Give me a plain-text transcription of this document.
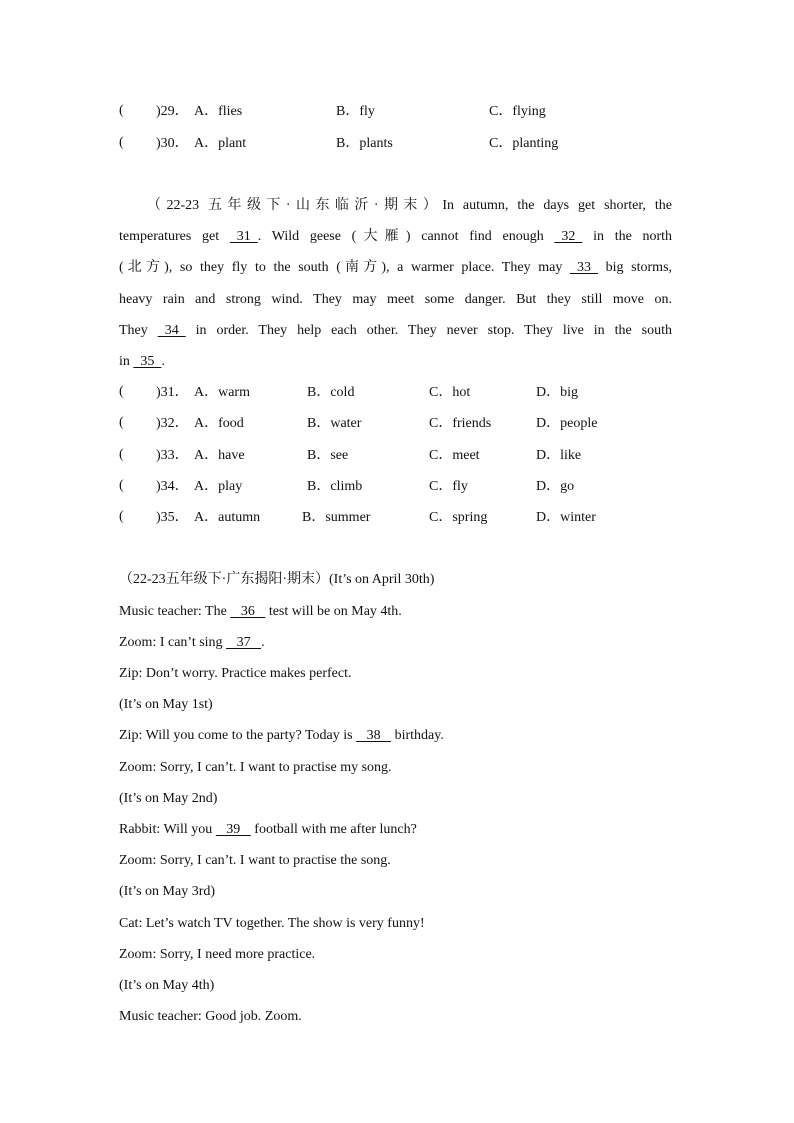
( )29． A．flies	B．fly	C．flying
( )30． A．plant	B．plants	C．planting
（22-23 五年级下·山东临沂·期末）In autumn, the days get shorter, the
temperatures get   31  . Wild geese (大雁) cannot find enough   32   in the north
(北方), so they fly to the south (南方), a warmer place. They may   33   big storms,
heavy rain and strong wind. They may meet some danger. But they still move on.
They   34   in order. They help each other. They never stop. They live in the south
in   35  .
( )31． A．warm	B．cold	C．hot	D．big
( )32． A．food	B．water	C．friends	D．people
( )33． A．have	B．see	C．meet	D．like
( )34． A．play	B．climb	C．fly	D．go
( )35． A．autumn	B．summer	C．spring	D．winter
（22-23五年级下·广东揭阳·期末）(It’s on April 30th)
Music teacher: The    36    test will be on May 4th.
Zoom: I can’t sing    37   .
Zip: Don’t worry. Practice makes perfect.
(It’s on May 1st)
Zip: Will you come to the party? Today is    38    birthday.
Zoom: Sorry, I can’t. I want to practise my song.
(It’s on May 2nd)
Rabbit: Will you    39    football with me after lunch?
Zoom: Sorry, I can’t. I want to practise the song.
(It’s on May 3rd)
Cat: Let’s watch TV together. The show is very funny!
Zoom: Sorry, I need more practice.
(It’s on May 4th)
Music teacher: Good job. Zoom.
